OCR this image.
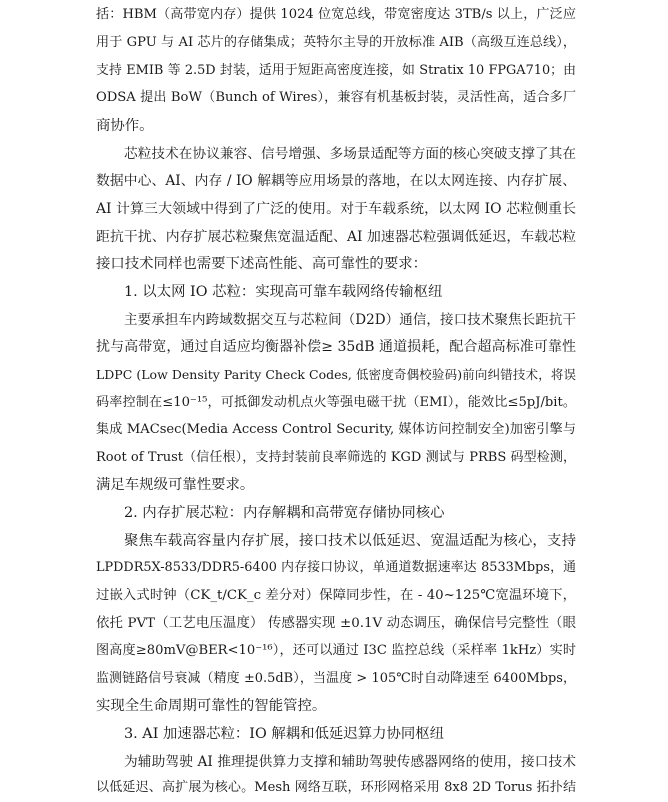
括：HBM（高带宽内存）提供 1024 位宽总线，带宽密度达 3TB/s 以上，广泛应
用于 GPU 与 AI 芯片的存储集成；英特尔主导的开放标准 AIB（高级互连总线），
支持 EMIB 等 2.5D 封装，适用于短距高密度连接，如 Stratix 10 FPGA710；由
ODSA 提出 BoW（Bunch of Wires），兼容有机基板封装，灵活性高，适合多厂
商协作。
芯粒技术在协议兼容、信号增强、多场景适配等方面的核心突破支撑了其在
数据中心、AI、内存 / IO 解耦等应用场景的落地，在以太网连接、内存扩展、
AI 计算三大领域中得到了广泛的使用。对于车载系统，以太网 IO 芯粒侧重长
距抗干扰、内存扩展芯粒聚焦宽温适配、AI 加速器芯粒强调低延迟，车载芯粒
接口技术同样也需要下述高性能、高可靠性的要求：
1. 以太网 IO 芯粒：实现高可靠车载网络传输枢纽
主要承担车内跨域数据交互与芯粒间（D2D）通信，接口技术聚焦长距抗干
扰与高带宽，通过自适应均衡器补偿≥ 35dB 通道损耗，配合超高标准可靠性
LDPC (Low Density Parity Check Codes, 低密度奇偶校验码)前向纠错技术，将误
码率控制在≤10⁻¹⁵，可抵御发动机点火等强电磁干扰（EMI），能效比≤5pJ/bit。
集成 MACsec(Media Access Control Security, 媒体访问控制安全)加密引擎与
Root of Trust（信任根），支持封装前良率筛选的 KGD 测试与 PRBS 码型检测，
满足车规级可靠性要求。
2. 内存扩展芯粒：内存解耦和高带宽存储协同核心
聚焦车载高容量内存扩展，接口技术以低延迟、宽温适配为核心，支持
LPDDR5X-8533/DDR5-6400 内存接口协议，单通道数据速率达 8533Mbps，通
过嵌入式时钟（CK_t/CK_c 差分对）保障同步性，在 - 40~125℃宽温环境下，
依托 PVT（工艺电压温度） 传感器实现 ±0.1V 动态调压，确保信号完整性（眼
图高度≥80mV@BER<10⁻¹⁶），还可以通过 I3C 监控总线（采样率 1kHz）实时
监测链路信号衰减（精度 ±0.5dB），当温度 > 105℃时自动降速至 6400Mbps，
实现全生命周期可靠性的智能管控。
3. AI 加速器芯粒：IO 解耦和低延迟算力协同枢纽
为辅助驾驶 AI 推理提供算力支撑和辅助驾驶传感器网络的使用，接口技术
以低延迟、高扩展为核心。Mesh 网络互联，环形网格采用 8x8 2D Torus 拓扑结
